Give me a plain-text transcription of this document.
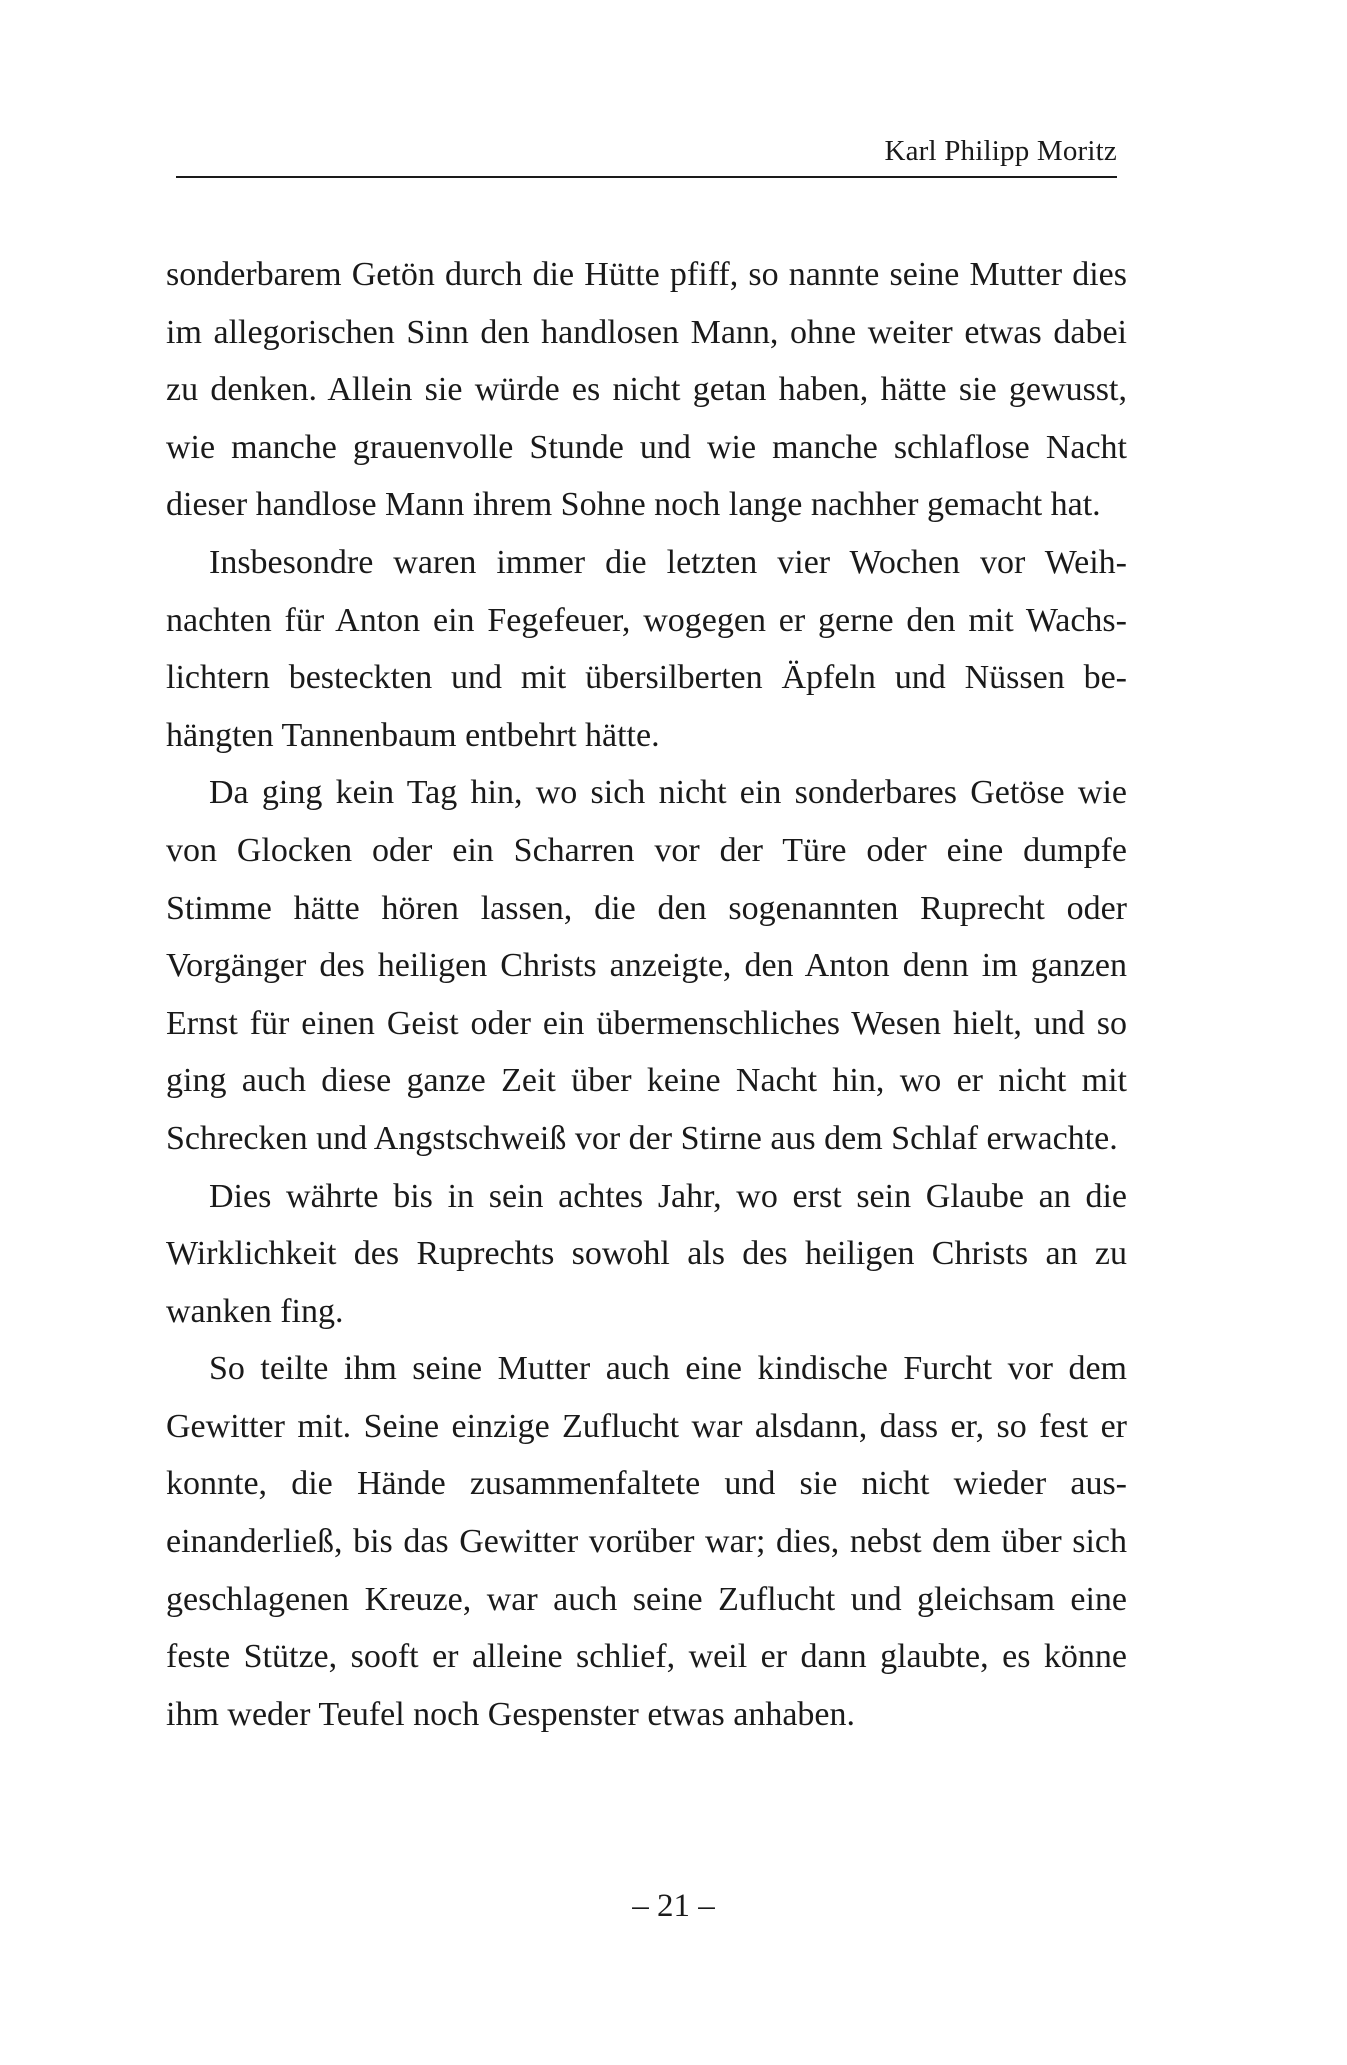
Karl Philipp Moritz

sonderbarem Getön durch die Hütte pfiff, so nannte seine Mutter dies im allegorischen Sinn den handlosen Mann, ohne weiter etwas dabei zu denken. Allein sie würde es nicht getan haben, hätte sie gewusst, wie manche grauenvolle Stunde und wie manche schlaflose Nacht dieser handlose Mann ihrem Sohne noch lange nachher gemacht hat.

Insbesondre waren immer die letzten vier Wochen vor Weihnachten für Anton ein Fegefeuer, wogegen er gerne den mit Wachslichtern besteckten und mit übersilberten Äpfeln und Nüssen behängten Tannenbaum entbehrt hätte.

Da ging kein Tag hin, wo sich nicht ein sonderbares Getöse wie von Glocken oder ein Scharren vor der Türe oder eine dumpfe Stimme hätte hören lassen, die den sogenannten Ruprecht oder Vorgänger des heiligen Christs anzeigte, den Anton denn im ganzen Ernst für einen Geist oder ein übermenschliches Wesen hielt, und so ging auch diese ganze Zeit über keine Nacht hin, wo er nicht mit Schrecken und Angstschweiß vor der Stirne aus dem Schlaf erwachte.

Dies währte bis in sein achtes Jahr, wo erst sein Glaube an die Wirklichkeit des Ruprechts sowohl als des heiligen Christs an zu wanken fing.

So teilte ihm seine Mutter auch eine kindische Furcht vor dem Gewitter mit. Seine einzige Zuflucht war alsdann, dass er, so fest er konnte, die Hände zusammenfaltete und sie nicht wieder auseinanderließ, bis das Gewitter vorüber war; dies, nebst dem über sich geschlagenen Kreuze, war auch seine Zuflucht und gleichsam eine feste Stütze, sooft er alleine schlief, weil er dann glaubte, es könne ihm weder Teufel noch Gespenster etwas anhaben.

– 21 –
